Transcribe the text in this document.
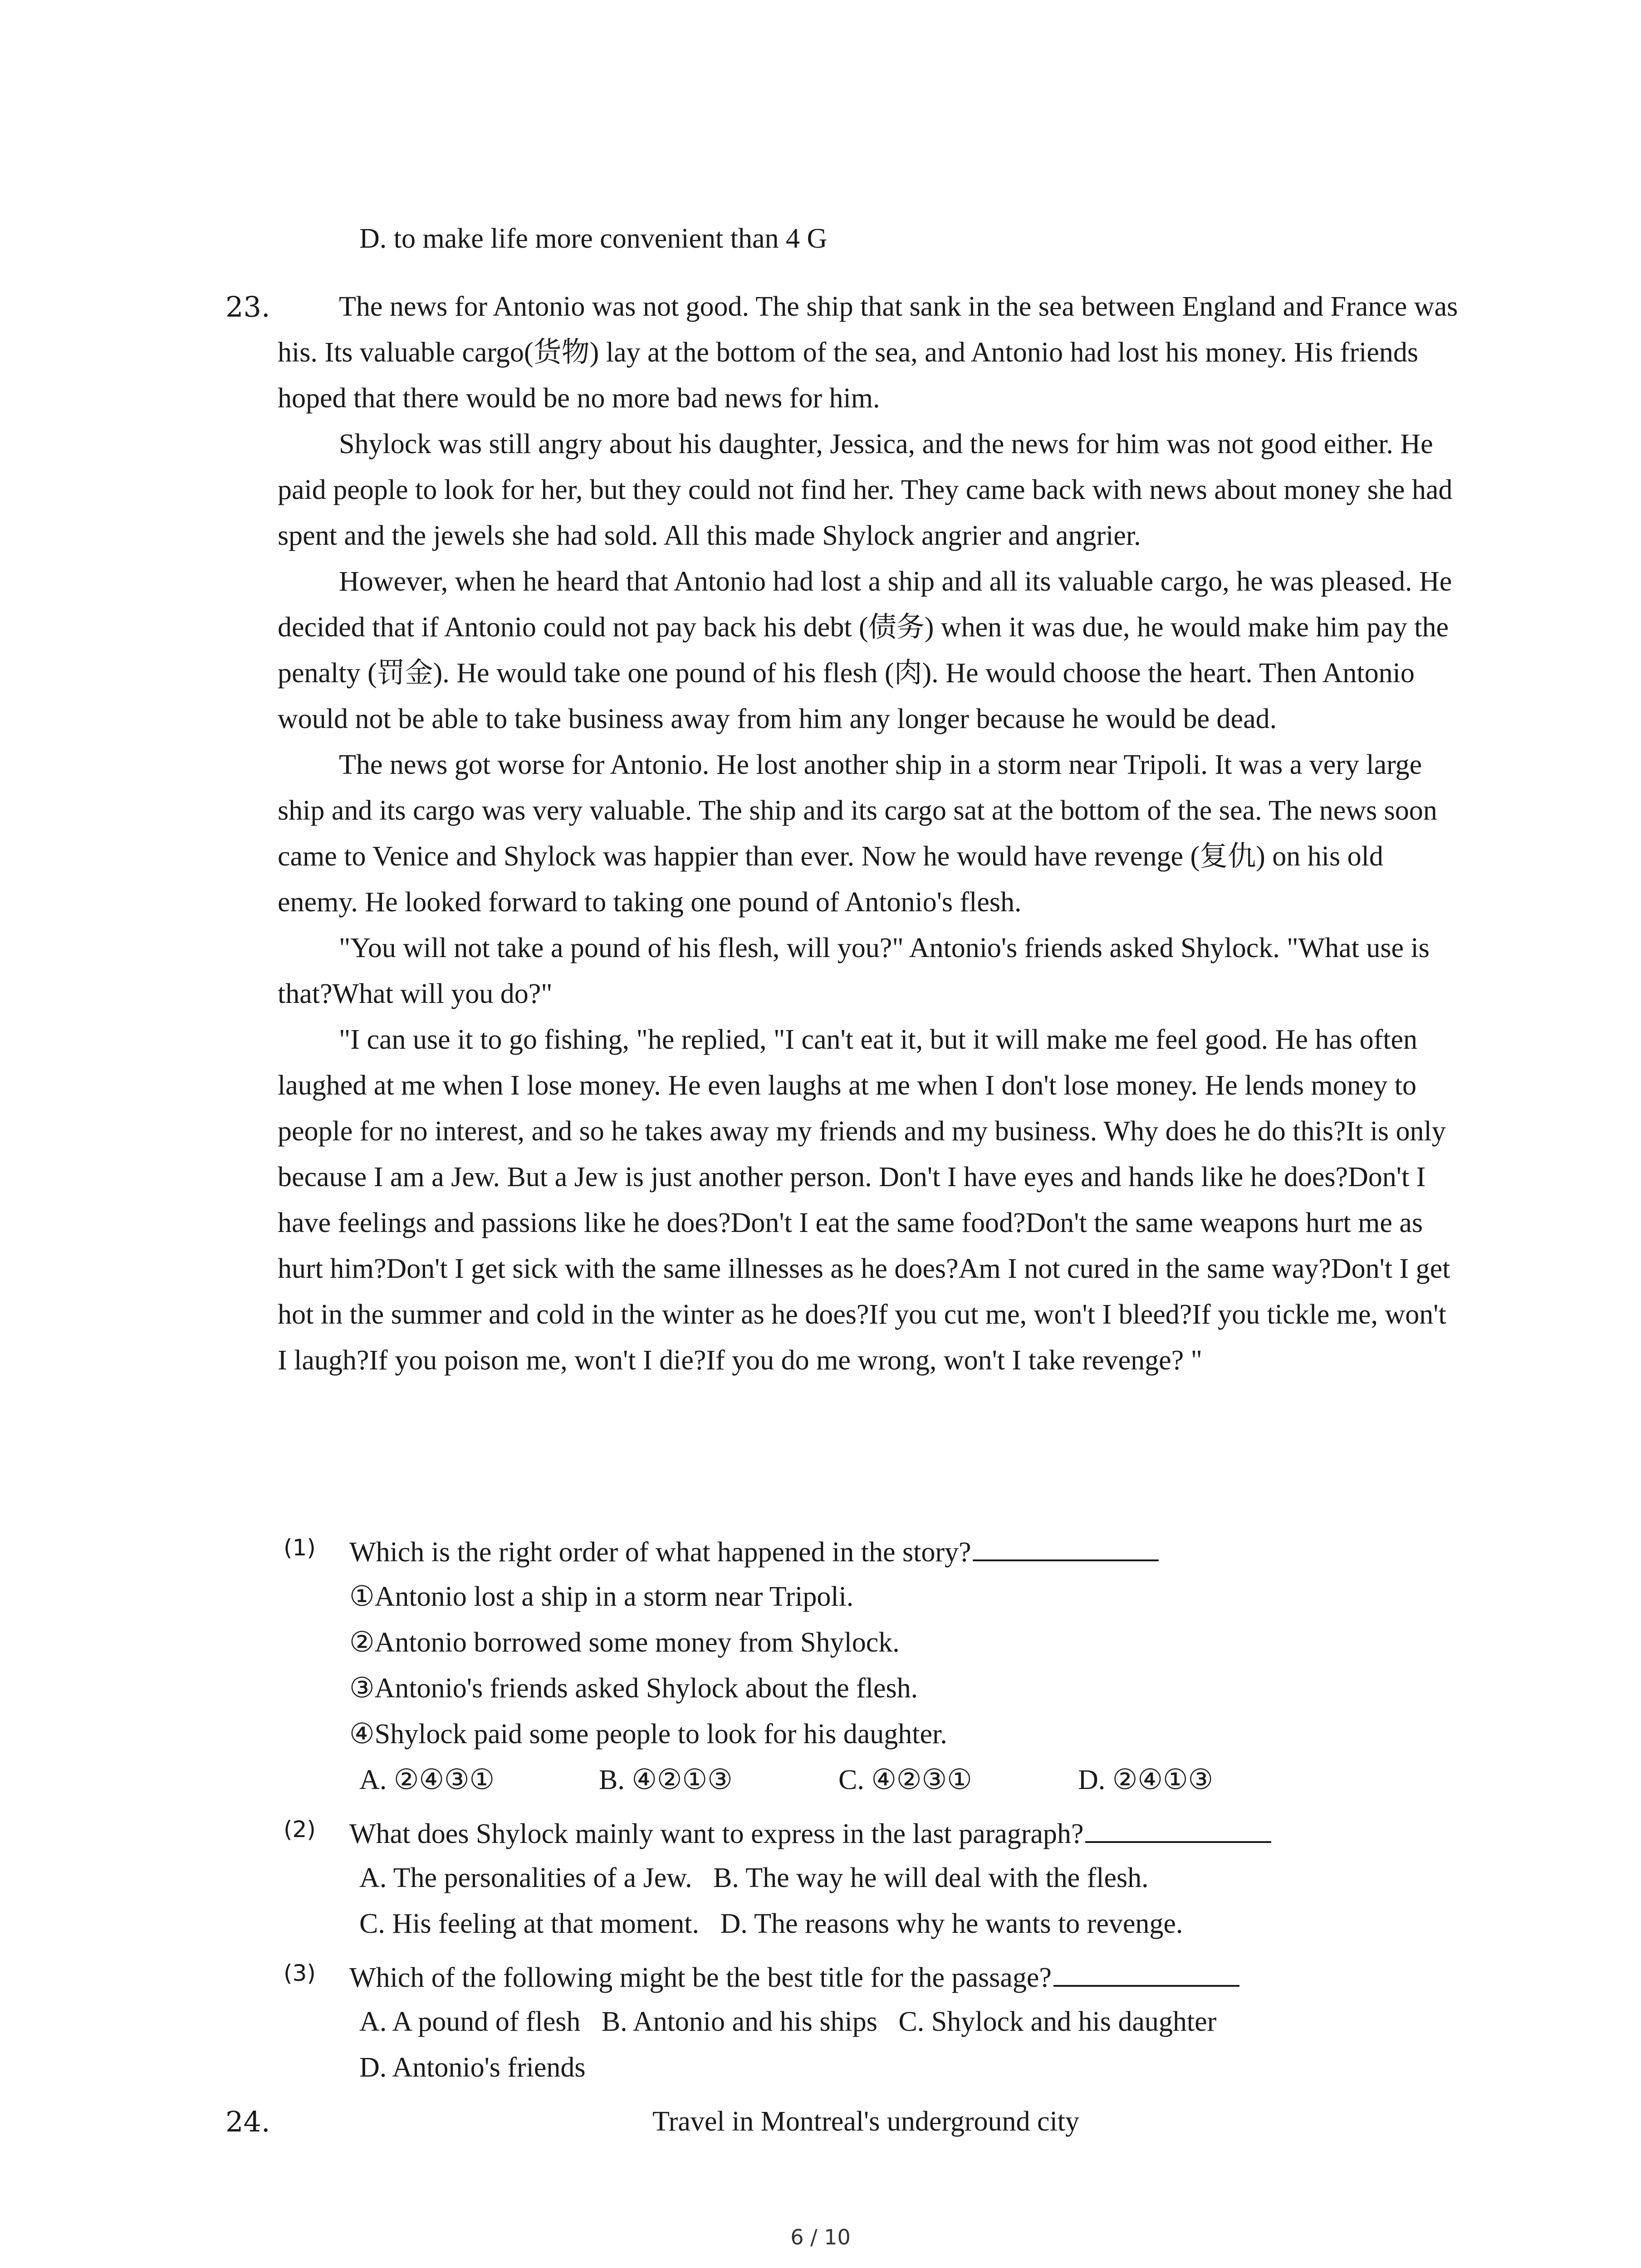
D. to make life more convenient than 4 G
23.	The news for Antonio was not good. The ship that sank in the sea between England and France was his. Its valuable cargo(货物) lay at the bottom of the sea, and Antonio had lost his money. His friends hoped that there would be no more bad news for him.

Shylock was still angry about his daughter, Jessica, and the news for him was not good either. He paid people to look for her, but they could not find her. They came back with news about money she had spent and the jewels she had sold. All this made Shylock angrier and angrier.

However, when he heard that Antonio had lost a ship and all its valuable cargo, he was pleased. He decided that if Antonio could not pay back his debt (债务) when it was due, he would make him pay the penalty (罚金). He would take one pound of his flesh (肉). He would choose the heart. Then Antonio would not be able to take business away from him any longer because he would be dead.

The news got worse for Antonio. He lost another ship in a storm near Tripoli. It was a very large ship and its cargo was very valuable. The ship and its cargo sat at the bottom of the sea. The news soon came to Venice and Shylock was happier than ever. Now he would have revenge (复仇) on his old enemy. He looked forward to taking one pound of Antonio's flesh.

"You will not take a pound of his flesh, will you?" Antonio's friends asked Shylock. "What use is that?What will you do?"

"I can use it to go fishing, "he replied, "I can't eat it, but it will make me feel good. He has often laughed at me when I lose money. He even laughs at me when I don't lose money. He lends money to people for no interest, and so he takes away my friends and my business. Why does he do this?It is only because I am a Jew. But a Jew is just another person. Don't I have eyes and hands like he does?Don't I have feelings and passions like he does?Don't I eat the same food?Don't the same weapons hurt me as hurt him?Don't I get sick with the same illnesses as he does?Am I not cured in the same way?Don't I get hot in the summer and cold in the winter as he does?If you cut me, won't I bleed?If you tickle me, won't I laugh?If you poison me, won't I die?If you do me wrong, won't I take revenge? "

(1) Which is the right order of what happened in the story?
①Antonio lost a ship in a storm near Tripoli.
②Antonio borrowed some money from Shylock.
③Antonio's friends asked Shylock about the flesh.
④Shylock paid some people to look for his daughter.
A. ②④③①	B. ④②①③	C. ④②③①	D. ②④①③
(2) What does Shylock mainly want to express in the last paragraph?
A. The personalities of a Jew.   B. The way he will deal with the flesh.
C. His feeling at that moment.   D. The reasons why he wants to revenge.
(3) Which of the following might be the best title for the passage?
A. A pound of flesh   B. Antonio and his ships   C. Shylock and his daughter
D. Antonio's friends
24.	Travel in Montreal's underground city
6 / 10
